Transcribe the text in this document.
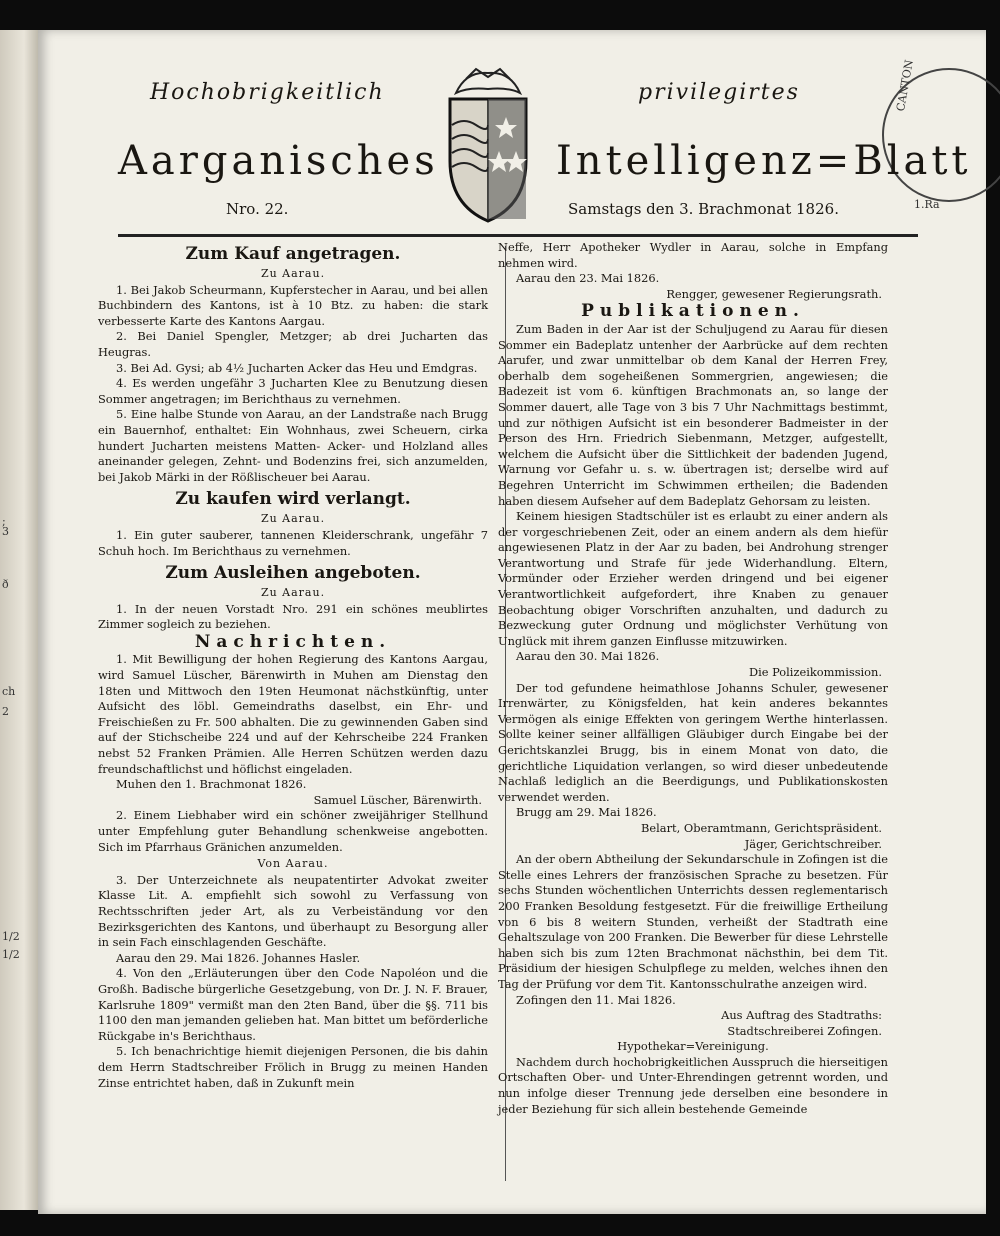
;
3
ð
ch
2
1/2
1/2
CANTON
1.Ra
Hochobrigkeitlich	privilegirtes
Aarganisches	Intelligenz=Blatt
Nro. 22.	Samstags den 3. Brachmonat 1826.
Zum Kauf angetragen.
Zu Aarau.

1. Bei Jakob Scheurmann, Kupferstecher in Aarau, und bei allen Buchbindern des Kantons, ist à 10 Btz. zu haben: die stark verbesserte Karte des Kantons Aargau.

2. Bei Daniel Spengler, Metzger; ab drei Jucharten das Heugras.

3. Bei Ad. Gysi; ab 4½ Jucharten Acker das Heu und Emdgras.

4. Es werden ungefähr 3 Jucharten Klee zu Benutzung diesen Sommer angetragen; im Berichthaus zu vernehmen.

5. Eine halbe Stunde von Aarau, an der Landstraße nach Brugg ein Bauernhof, enthaltet: Ein Wohnhaus, zwei Scheuern, cirka hundert Jucharten meistens Matten- Acker- und Holzland alles aneinander gelegen, Zehnt- und Bodenzins frei, sich anzumelden, bei Jakob Märki in der Rößlischeuer bei Aarau.

Zu kaufen wird verlangt.
Zu Aarau.

1. Ein guter sauberer, tannenen Kleiderschrank, ungefähr 7 Schuh hoch. Im Berichthaus zu vernehmen.

Zum Ausleihen angeboten.
Zu Aarau.

1. In der neuen Vorstadt Nro. 291 ein schönes meublirtes Zimmer sogleich zu beziehen.

Nachrichten.

1. Mit Bewilligung der hohen Regierung des Kantons Aargau, wird Samuel Lüscher, Bärenwirth in Muhen am Dienstag den 18ten und Mittwoch den 19ten Heumonat nächstkünftig, unter Aufsicht des löbl. Gemeindraths daselbst, ein Ehr- und Freischießen zu Fr. 500 abhalten. Die zu gewinnenden Gaben sind auf der Stichscheibe 224 und auf der Kehrscheibe 224 Franken nebst 52 Franken Prämien. Alle Herren Schützen werden dazu freundschaftlichst und höflichst eingeladen.

Muhen den 1. Brachmonat 1826.

Samuel Lüscher, Bärenwirth.

2. Einem Liebhaber wird ein schöner zweijähriger Stellhund unter Empfehlung guter Behandlung schenkweise angebotten. Sich im Pfarrhaus Gränichen anzumelden.

Von Aarau.

3. Der Unterzeichnete als neupatentirter Advokat zweiter Klasse Lit. A. empfiehlt sich sowohl zu Verfassung von Rechtsschriften jeder Art, als zu Verbeiständung vor den Bezirksgerichten des Kantons, und überhaupt zu Besorgung aller in sein Fach einschlagenden Geschäfte.

Aarau den 29. Mai 1826. Johannes Hasler.

4. Von den „Erläuterungen über den Code Napoléon und die Großh. Badische bürgerliche Gesetzgebung, von Dr. J. N. F. Brauer, Karlsruhe 1809" vermißt man den 2ten Band, über die §§. 711 bis 1100 den man jemanden gelieben hat. Man bittet um beförderliche Rückgabe in's Berichthaus.

5. Ich benachrichtige hiemit diejenigen Personen, die bis dahin dem Herrn Stadtschreiber Frölich in Brugg zu meinen Handen Zinse entrichtet haben, daß in Zukunft mein

Neffe, Herr Apotheker Wydler in Aarau, solche in Empfang nehmen wird.

Aarau den 23. Mai 1826.

Rengger, gewesener Regierungsrath.

Publikationen.

Zum Baden in der Aar ist der Schuljugend zu Aarau für diesen Sommer ein Badeplatz untenher der Aarbrücke auf dem rechten Aarufer, und zwar unmittelbar ob dem Kanal der Herren Frey, oberhalb dem sogeheißenen Sommergrien, angewiesen; die Badezeit ist vom 6. künftigen Brachmonats an, so lange der Sommer dauert, alle Tage von 3 bis 7 Uhr Nachmittags bestimmt, und zur nöthigen Aufsicht ist ein besonderer Badmeister in der Person des Hrn. Friedrich Siebenmann, Metzger, aufgestellt, welchem die Aufsicht über die Sittlichkeit der badenden Jugend, Warnung vor Gefahr u. s. w. übertragen ist; derselbe wird auf Begehren Unterricht im Schwimmen ertheilen; die Badenden haben diesem Aufseher auf dem Badeplatz Gehorsam zu leisten.

Keinem hiesigen Stadtschüler ist es erlaubt zu einer andern als der vorgeschriebenen Zeit, oder an einem andern als dem hiefür angewiesenen Platz in der Aar zu baden, bei Androhung strenger Verantwortung und Strafe für jede Widerhandlung. Eltern, Vormünder oder Erzieher werden dringend und bei eigener Verantwortlichkeit aufgefordert, ihre Knaben zu genauer Beobachtung obiger Vorschriften anzuhalten, und dadurch zu Bezweckung guter Ordnung und möglichster Verhütung von Unglück mit ihrem ganzen Einflusse mitzuwirken.

Aarau den 30. Mai 1826.

Die Polizeikommission.

Der tod gefundene heimathlose Johanns Schuler, gewesener Irrenwärter, zu Königsfelden, hat kein anderes bekanntes Vermögen als einige Effekten von geringem Werthe hinterlassen. Sollte keiner seiner allfälligen Gläubiger durch Eingabe bei der Gerichtskanzlei Brugg, bis in einem Monat von dato, die gerichtliche Liquidation verlangen, so wird dieser unbedeutende Nachlaß lediglich an die Beerdigungs, und Publikationskosten verwendet werden.

Brugg am 29. Mai 1826.

Belart, Oberamtmann, Gerichtspräsident.

Jäger, Gerichtschreiber.

An der obern Abtheilung der Sekundarschule in Zofingen ist die Stelle eines Lehrers der französischen Sprache zu besetzen. Für sechs Stunden wöchentlichen Unterrichts dessen reglementarisch 200 Franken Besoldung festgesetzt. Für die freiwillige Ertheilung von 6 bis 8 weitern Stunden, verheißt der Stadtrath eine Gehaltszulage von 200 Franken. Die Bewerber für diese Lehrstelle haben sich bis zum 12ten Brachmonat nächsthin, bei dem Tit. Präsidium der hiesigen Schulpflege zu melden, welches ihnen den Tag der Prüfung vor dem Tit. Kantonsschulrathe anzeigen wird.

Zofingen den 11. Mai 1826.

Aus Auftrag des Stadtraths:

Stadtschreiberei Zofingen.

Hypothekar=Vereinigung.

Nachdem durch hochobrigkeitlichen Ausspruch die hierseitigen Ortschaften Ober- und Unter-Ehrendingen getrennt worden, und nun infolge dieser Trennung jede derselben eine besondere in jeder Beziehung für sich allein bestehende Gemeinde
